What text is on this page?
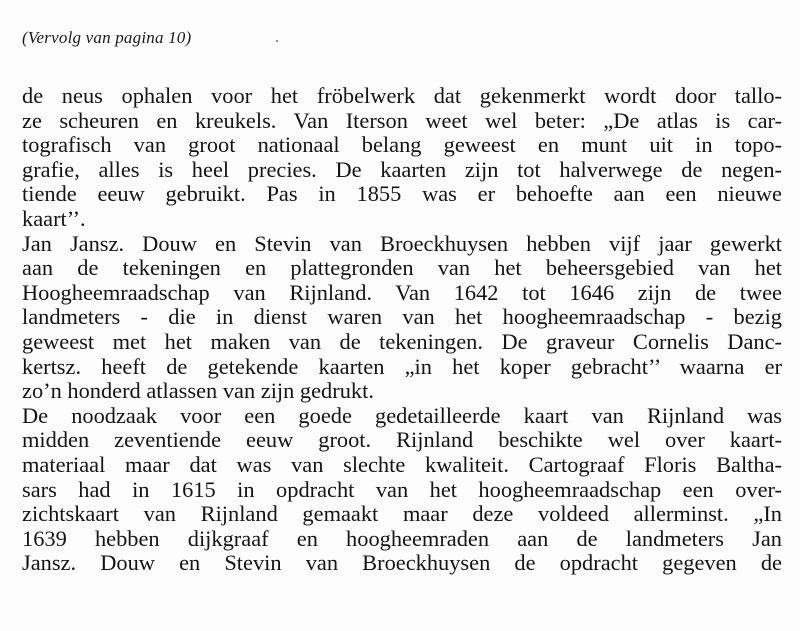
(Vervolg van pagina 10)
de neus ophalen voor het fröbelwerk dat gekenmerkt wordt door tallo-
ze scheuren en kreukels. Van Iterson weet wel beter: „De atlas is car-
tografisch van groot nationaal belang geweest en munt uit in topo-
grafie, alles is heel precies. De kaarten zijn tot halverwege de negen-
tiende eeuw gebruikt. Pas in 1855 was er behoefte aan een nieuwe
kaart’’.
Jan Jansz. Douw en Stevin van Broeckhuysen hebben vijf jaar gewerkt
aan de tekeningen en plattegronden van het beheersgebied van het
Hoogheemraadschap van Rijnland. Van 1642 tot 1646 zijn de twee
landmeters - die in dienst waren van het hoogheemraadschap - bezig
geweest met het maken van de tekeningen. De graveur Cornelis Danc-
kertsz. heeft de getekende kaarten „in het koper gebracht’’ waarna er
zo’n honderd atlassen van zijn gedrukt.
De noodzaak voor een goede gedetailleerde kaart van Rijnland was
midden zeventiende eeuw groot. Rijnland beschikte wel over kaart-
materiaal maar dat was van slechte kwaliteit. Cartograaf Floris Baltha-
sars had in 1615 in opdracht van het hoogheemraadschap een over-
zichtskaart van Rijnland gemaakt maar deze voldeed allerminst. „In
1639 hebben dijkgraaf en hoogheemraden aan de landmeters Jan
Jansz. Douw en Stevin van Broeckhuysen de opdracht gegeven de
